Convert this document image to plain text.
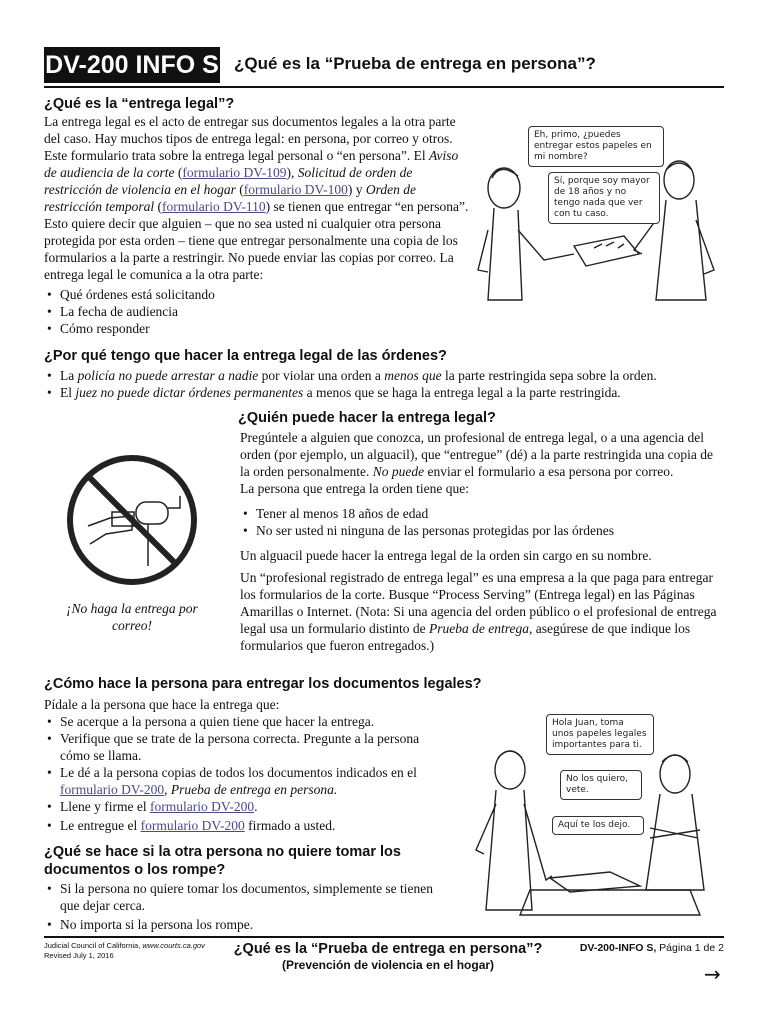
DV-200 INFO S ¿Qué es la “Prueba de entrega en persona”?
¿Qué es la “entrega legal”?

La entrega legal es el acto de entregar sus documentos legales a la otra parte del caso. Hay muchos tipos de entrega legal: en persona, por correo y otros. Este formulario trata sobre la entrega legal personal o “en persona”. El Aviso de audiencia de la corte (formulario DV-109), Solicitud de orden de restricción de violencia en el hogar (formulario DV-100) y Orden de restricción temporal (formulario DV-110) se tienen que entregar “en persona”. Esto quiere decir que alguien – que no sea usted ni cualquier otra persona protegida por esta orden – tiene que entregar personalmente una copia de los formularios a la parte a restringir. No puede enviar las copias por correo. La entrega legal le comunica a la otra parte:

• Qué órdenes está solicitando
• La fecha de audiencia
• Cómo responder
Eh, primo, ¿puedes entregar estos papeles en mi nombre?
Sí, porque soy mayor de 18 años y no tengo nada que ver con tu caso.
¿Por qué tengo que hacer la entrega legal de las órdenes?
• La policía no puede arrestar a nadie por violar una orden a menos que la parte restringida sepa sobre la orden.
• El juez no puede dictar órdenes permanentes a menos que se haga la entrega legal a la parte restringida.
¿Quién puede hacer la entrega legal?

Pregúntele a alguien que conozca, un profesional de entrega legal, o a una agencia del orden (por ejemplo, un alguacil), que “entregue” (dé) a la parte restringida una copia de la orden personalmente. No puede enviar el formulario a esa persona por correo.

La persona que entrega la orden tiene que:

• Tener al menos 18 años de edad
• No ser usted ni ninguna de las personas protegidas por las órdenes

Un alguacil puede hacer la entrega legal de la orden sin cargo en su nombre.

Un “profesional registrado de entrega legal” es una empresa a la que paga para entregar los formularios de la corte. Busque “Process Serving” (Entrega legal) en las Páginas Amarillas o Internet. (Nota: Si una agencia del orden público o el profesional de entrega legal usa un formulario distinto de Prueba de entrega, asegúrese de que indique los formularios que fueron entregados.)

¡No haga la entrega por correo!
¿Cómo hace la persona para entregar los documentos legales?

Pídale a la persona que hace la entrega que:

• Se acerque a la persona a quien tiene que hacer la entrega.
• Verifique que se trate de la persona correcta. Pregunte a la persona cómo se llama.
• Le dé a la persona copias de todos los documentos indicados en el formulario DV-200, Prueba de entrega en persona.
• Llene y firme el formulario DV-200.
• Le entregue el formulario DV-200 firmado a usted.
Hola Juan, toma unos papeles legales importantes para ti.
No los quiero, vete.
Aquí te los dejo.
¿Qué se hace si la otra persona no quiere tomar los documentos o los rompe?
• Si la persona no quiere tomar los documentos, simplemente se tienen que dejar cerca.
• No importa si la persona los rompe.
Judicial Council of California, www.courts.ca.gov
Revised July 1, 2016	¿Qué es la “Prueba de entrega en persona”?
(Prevención de violencia en el hogar)
DV-200-INFO S, Página 1 de 2
→
